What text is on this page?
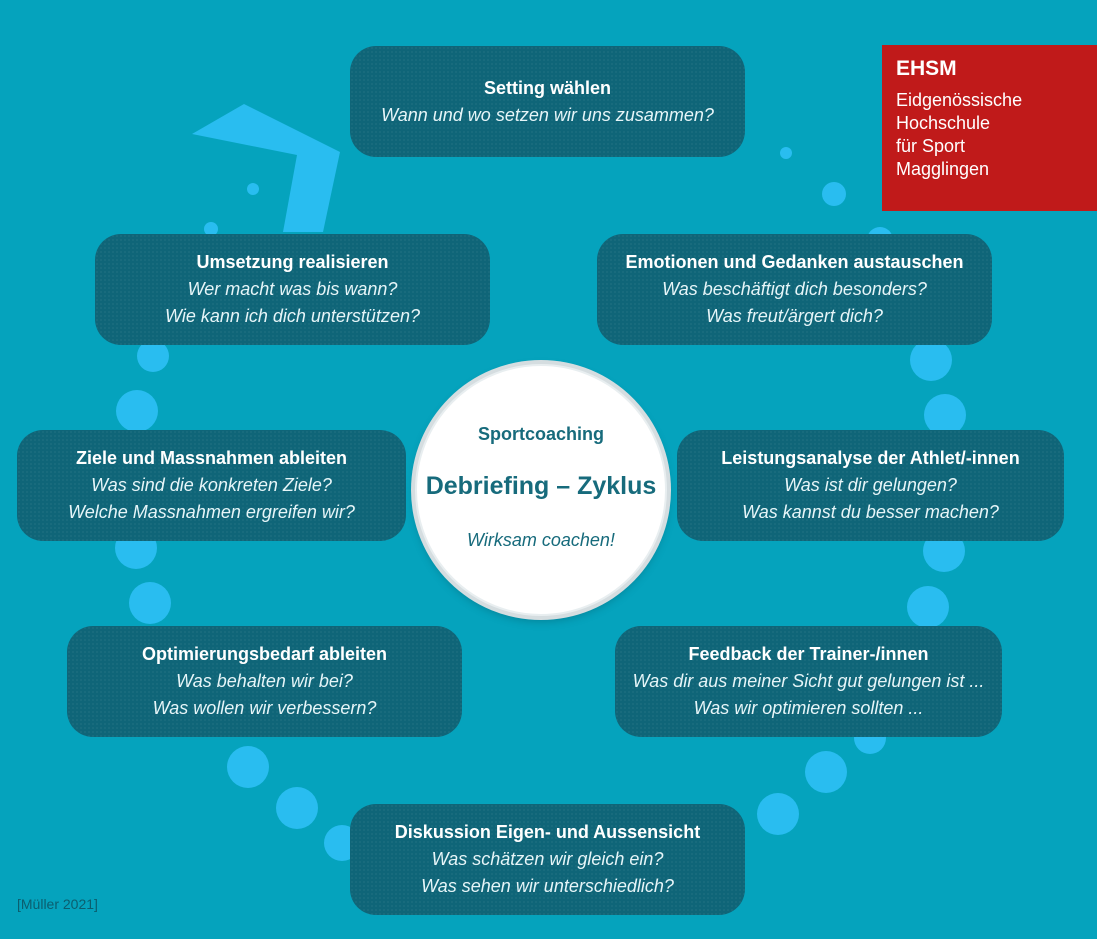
EHSM
Eidgenössische
Hochschule
für Sport
Magglingen
Setting wählen
Wann und wo setzen wir uns zusammen?
Emotionen und Gedanken austauschen
Was beschäftigt dich besonders?
Was freut/ärgert dich?
Leistungsanalyse der Athlet/-innen
Was ist dir gelungen?
Was kannst du besser machen?
Feedback der Trainer-/innen
Was dir aus meiner Sicht gut gelungen ist ...
Was wir optimieren sollten ...
Diskussion Eigen- und Aussensicht
Was schätzen wir gleich ein?
Was sehen wir unterschiedlich?
Optimierungsbedarf ableiten
Was behalten wir bei?
Was wollen wir verbessern?
Ziele und Massnahmen ableiten
Was sind die konkreten Ziele?
Welche Massnahmen ergreifen wir?
Umsetzung realisieren
Wer macht was bis wann?
Wie kann ich dich unterstützen?
Sportcoaching
Debriefing – Zyklus
Wirksam coachen!
[Müller 2021]
